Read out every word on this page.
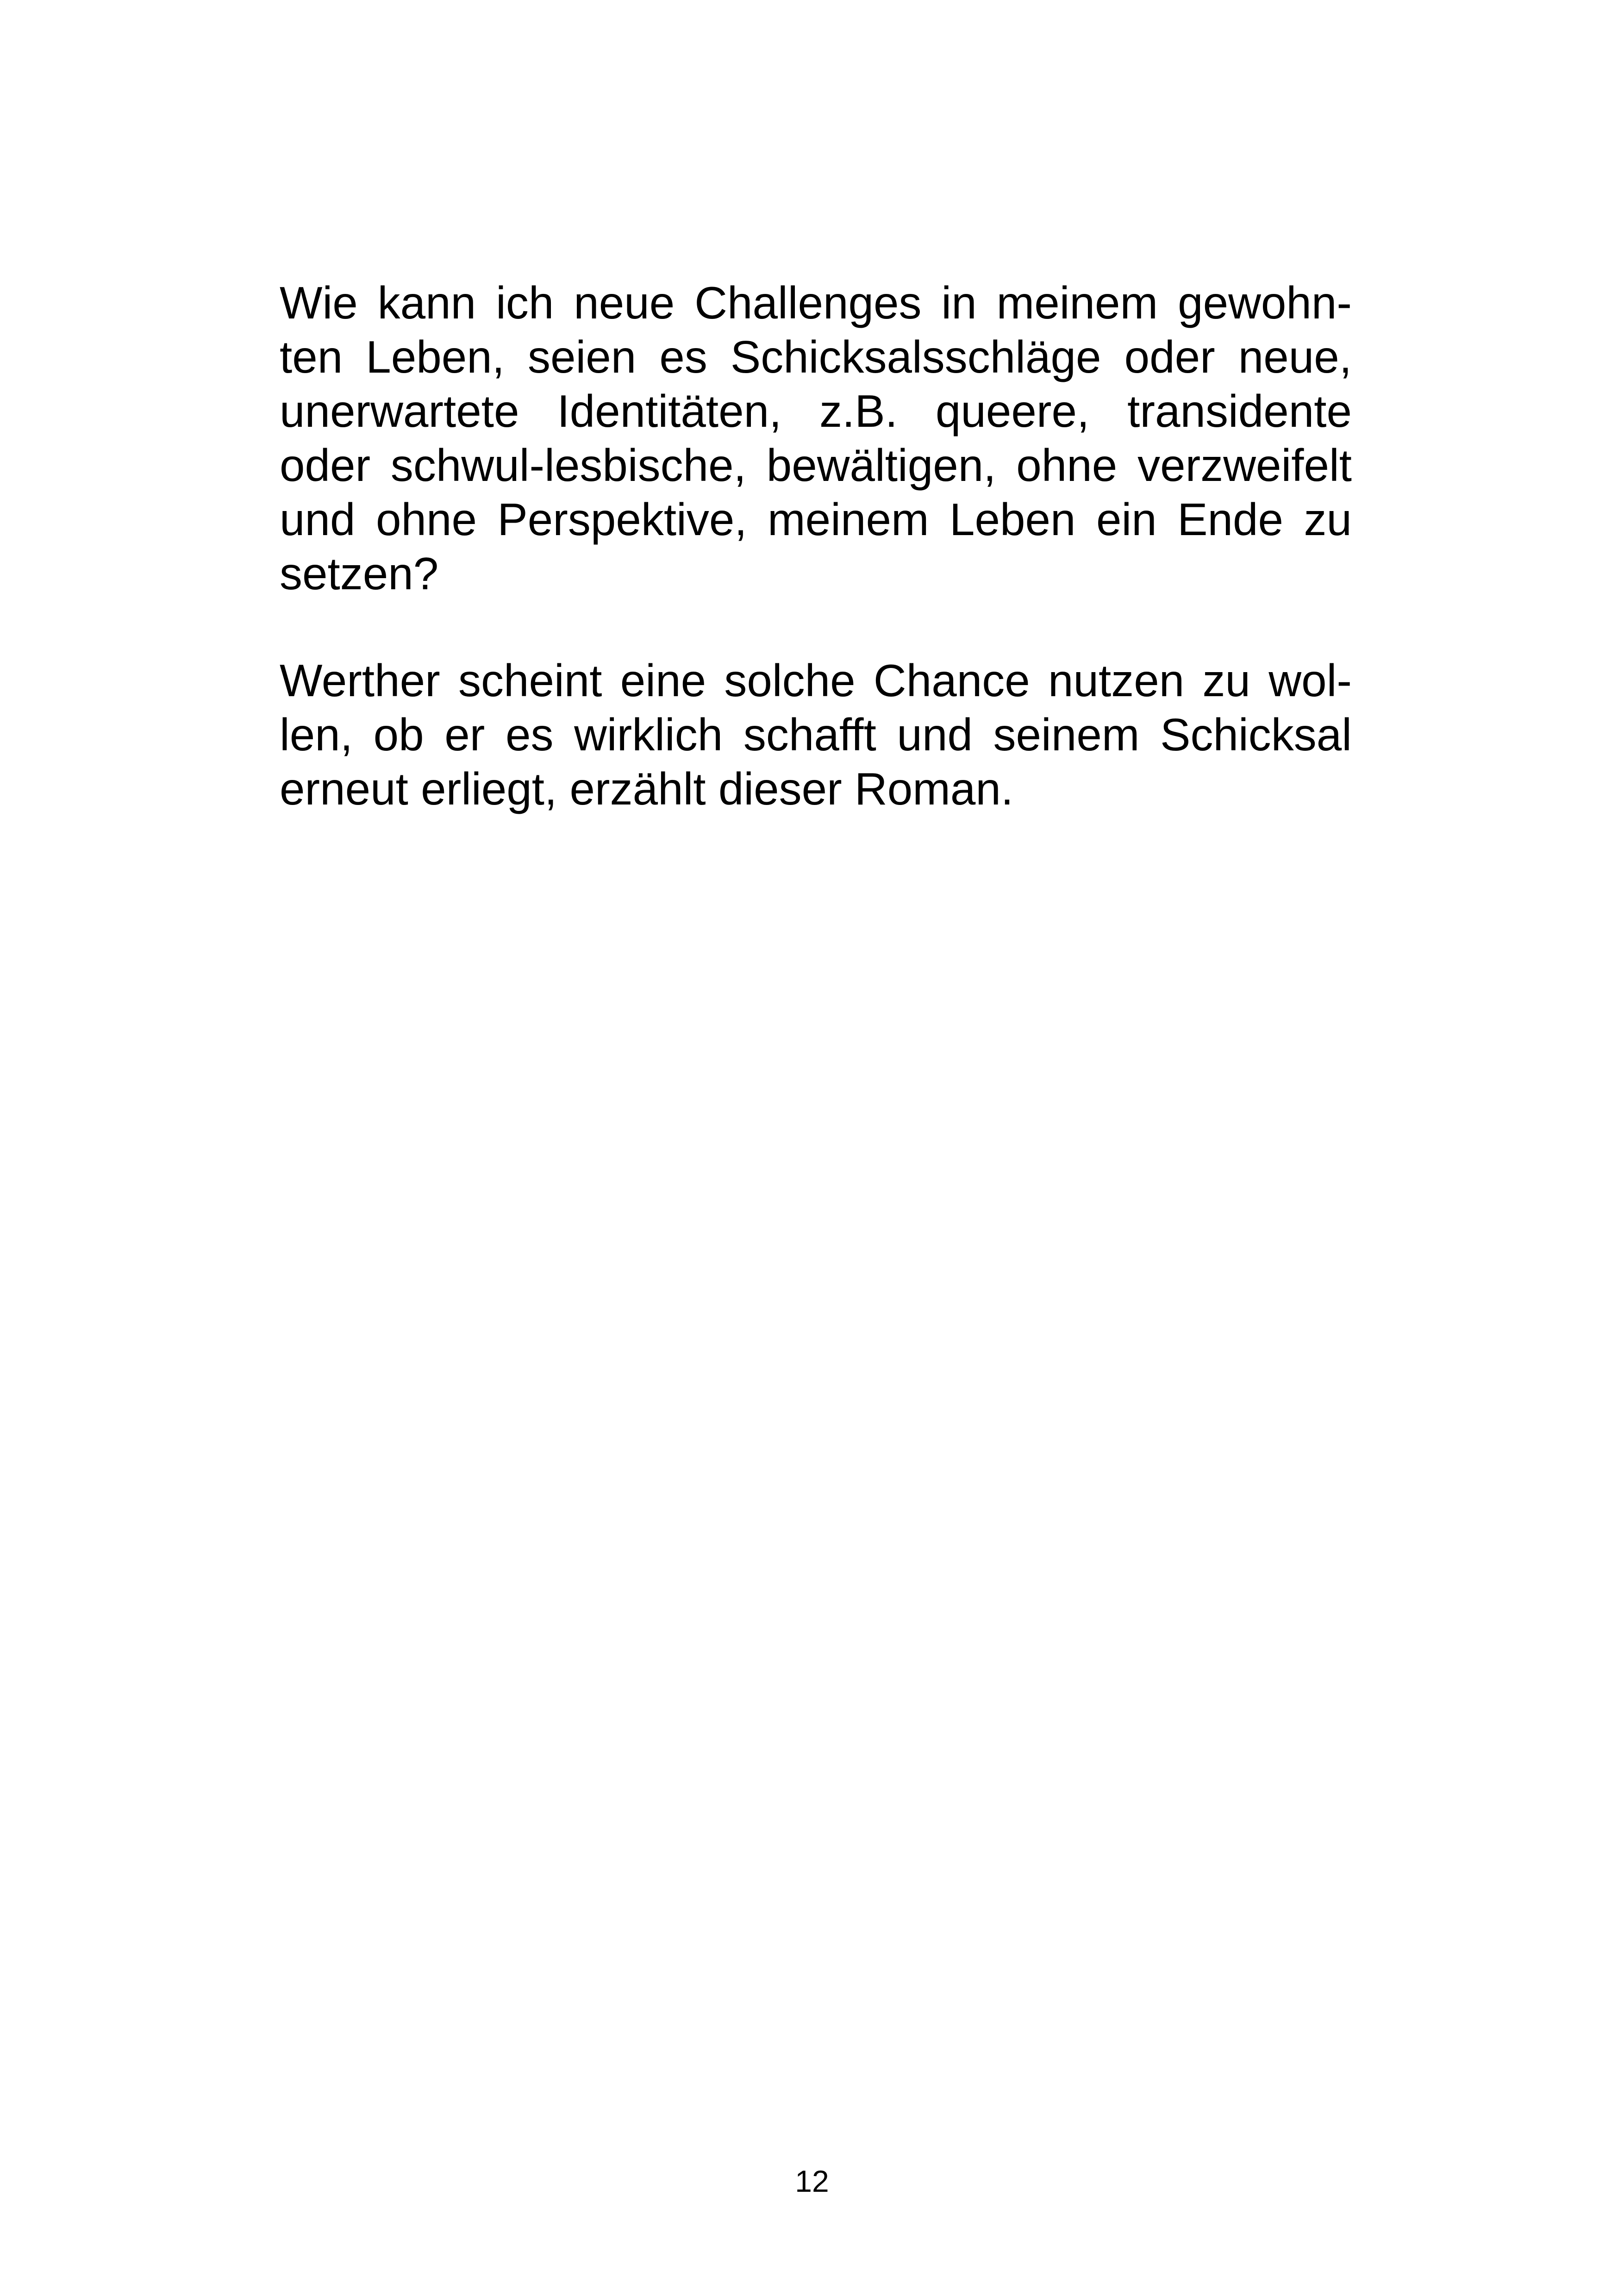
Wie kann ich neue Challenges in meinem gewohn-
ten Leben, seien es Schicksalsschläge oder neue,
unerwartete Identitäten, z.B. queere, transidente
oder schwul-lesbische, bewältigen, ohne verzweifelt
und ohne Perspektive, meinem Leben ein Ende zu
setzen?
Werther scheint eine solche Chance nutzen zu wol-
len, ob er es wirklich schafft und seinem Schicksal
erneut erliegt, erzählt dieser Roman.
12
